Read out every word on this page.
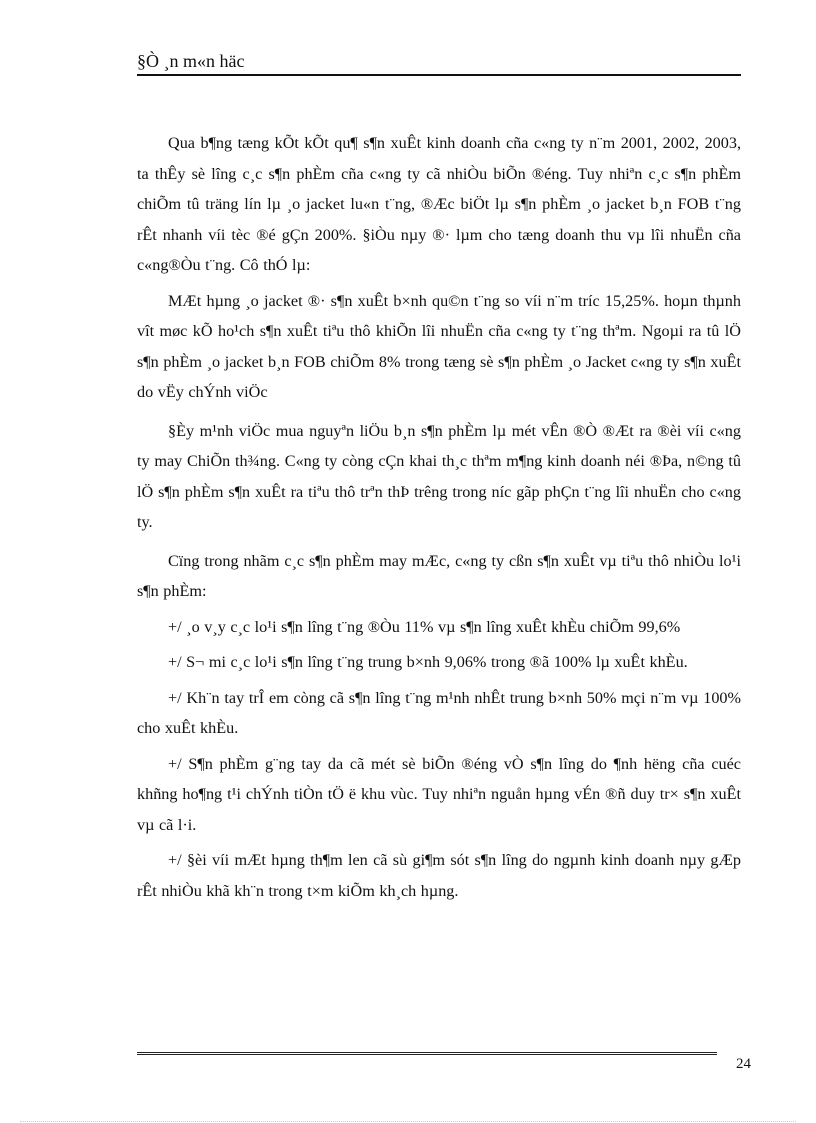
§Ò ¸n m«n häc

Qua b¶ng tæng kÕt kÕt qu¶ s¶n xuÊt kinh doanh cña c«ng ty n¨m 2001, 2002, 2003, ta thÊy sè lîng c¸c s¶n phÈm cña c«ng ty cã nhiÒu biÕn ®éng. Tuy nhiªn c¸c s¶n phÈm chiÕm tû träng lín lµ ¸o jacket lu«n t¨ng, ®Æc biÖt lµ s¶n phÈm ¸o jacket b¸n FOB t¨ng rÊt nhanh víi tèc ®é gÇn 200%. §iÒu nµy ®· lµm cho tæng doanh thu vµ lîi nhuËn cña c«ng®Òu t¨ng. Cô thÓ lµ:

MÆt hµng ¸o jacket ®· s¶n xuÊt b×nh qu©n t¨ng so víi n¨m tríc 15,25%. hoµn thµnh vît møc kÕ ho¹ch s¶n xuÊt tiªu thô khiÕn lîi nhuËn cña c«ng ty t¨ng thªm. Ngoµi ra tû lÖ s¶n phÈm ¸o jacket b¸n FOB chiÕm 8% trong tæng sè s¶n phÈm ¸o Jacket c«ng ty s¶n xuÊt do vËy chÝnh viÖc

§Èy m¹nh viÖc mua nguyªn liÖu b¸n s¶n phÈm lµ mét vÊn ®Ò ®Æt ra ®èi víi c«ng ty may ChiÕn th¾ng. C«ng ty còng cÇn khai th¸c thªm m¶ng kinh doanh néi ®Þa, n©ng tû lÖ s¶n phÈm s¶n xuÊt ra tiªu thô trªn thÞ trêng trong níc gãp phÇn t¨ng lîi nhuËn cho c«ng ty.

Cïng trong nhãm c¸c s¶n phÈm may mÆc, c«ng ty cßn s¶n xuÊt vµ tiªu thô nhiÒu lo¹i s¶n phÈm:

+/ ¸o v¸y c¸c lo¹i s¶n lîng t¨ng ®Òu 11% vµ s¶n lîng xuÊt khÈu chiÕm 99,6%

+/ S¬ mi c¸c lo¹i s¶n lîng t¨ng trung b×nh 9,06% trong ®ã 100% lµ xuÊt khÈu.

+/ Kh¨n tay trÎ em còng cã s¶n lîng t¨ng m¹nh nhÊt trung b×nh 50% mçi n¨m vµ 100% cho xuÊt khÈu.

+/ S¶n phÈm g¨ng tay da cã mét sè biÕn ®éng vÒ s¶n lîng do ¶nh hëng cña cuéc khñng ho¶ng t¹i chÝnh tiÒn tÖ ë khu vùc. Tuy nhiªn nguån hµng vÉn ®ñ duy tr× s¶n xuÊt vµ cã l·i.

+/ §èi víi mÆt hµng th¶m len cã sù gi¶m sót s¶n lîng do ngµnh kinh doanh nµy gÆp rÊt nhiÒu khã kh¨n trong t×m kiÕm kh¸ch hµng.

24
